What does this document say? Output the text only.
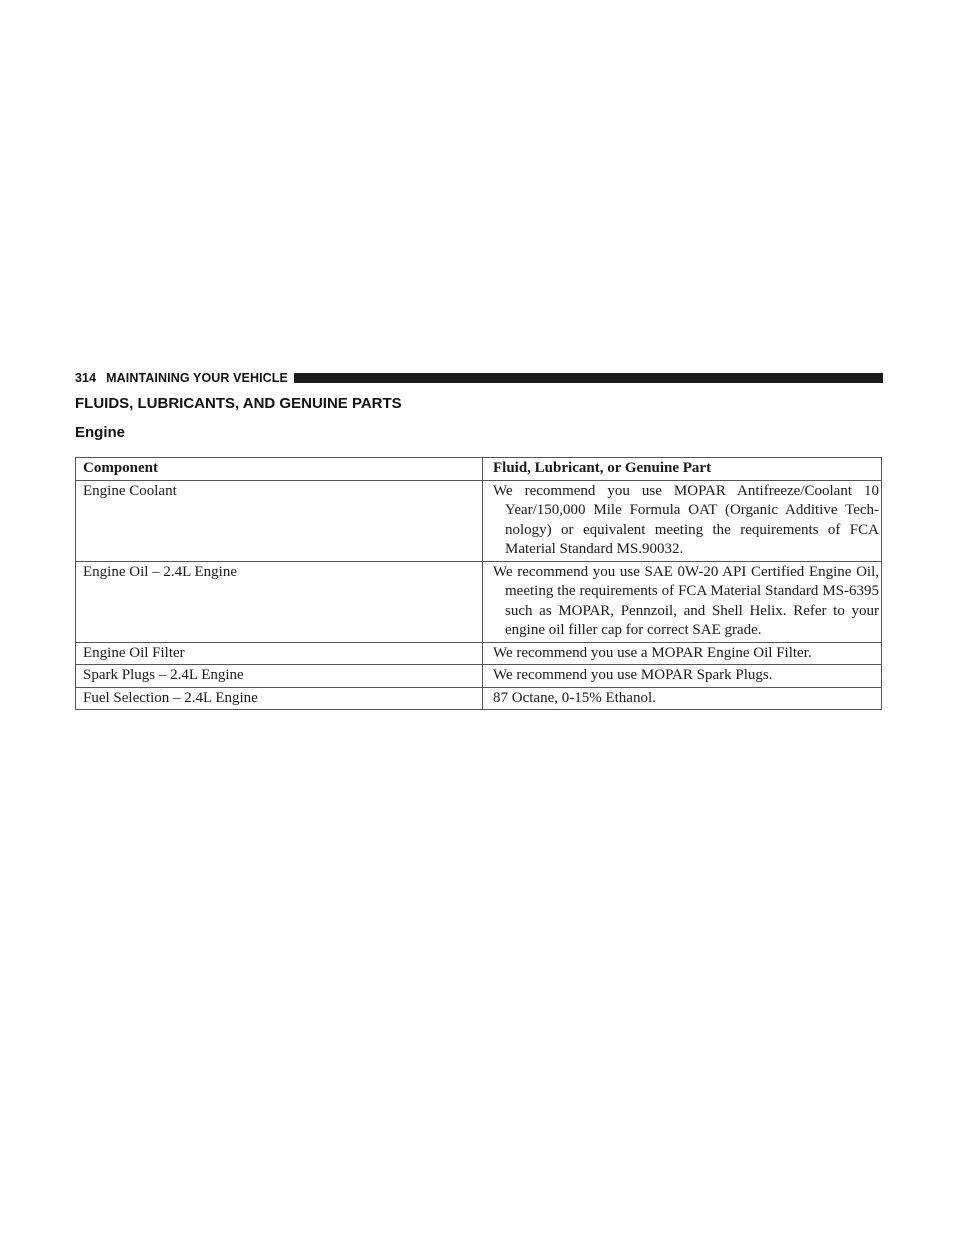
314 MAINTAINING YOUR VEHICLE
FLUIDS, LUBRICANTS, AND GENUINE PARTS
Engine
Component	Fluid, Lubricant, or Genuine Part
Engine Coolant	We recommend you use MOPAR Antifreeze/Coolant 10 Year/150,000 Mile Formula OAT (Organic Additive Tech-nology) or equivalent meeting the requirements of FCA Material Standard MS.90032.

Engine Oil – 2.4L Engine	We recommend you use SAE 0W-20 API Certified Engine Oil, meeting the requirements of FCA Material Standard MS-6395 such as MOPAR, Pennzoil, and Shell Helix. Refer to your engine oil filler cap for correct SAE grade.

Engine Oil Filter	We recommend you use a MOPAR Engine Oil Filter.

Spark Plugs – 2.4L Engine	We recommend you use MOPAR Spark Plugs.

Fuel Selection – 2.4L Engine	87 Octane, 0-15% Ethanol.
